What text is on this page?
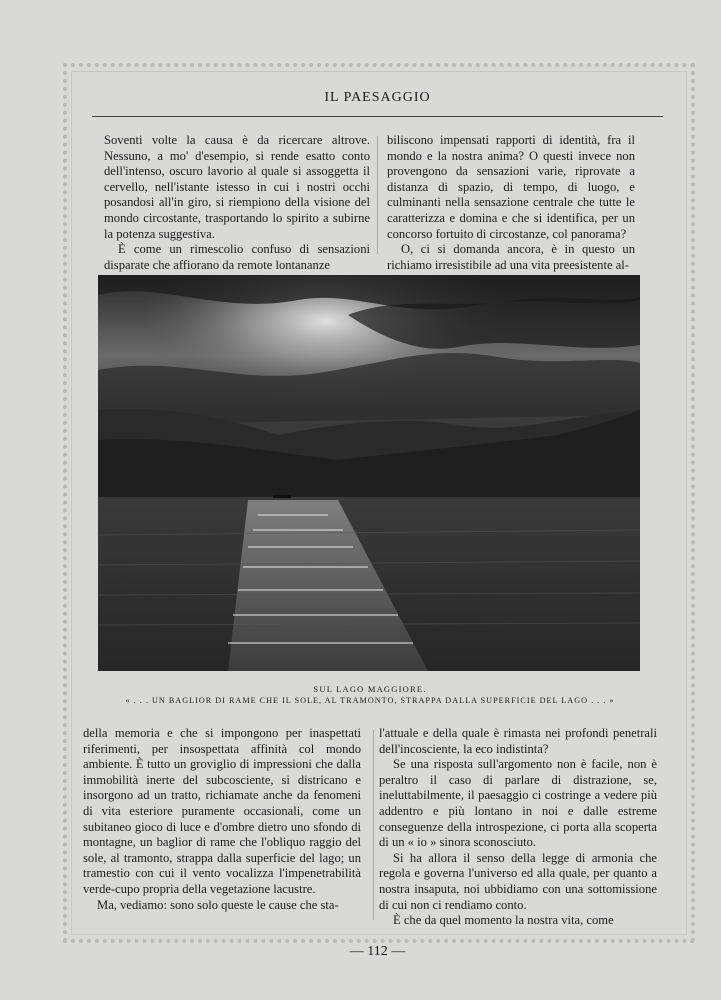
IL PAESAGGIO

Soventi volte la causa è da ricercare altrove. Nessuno, a mo' d'esempio, si rende esatto conto dell'intenso, oscuro lavorio al quale si assoggetta il cervello, nell'istante istesso in cui i nostri occhi posandosi all'in giro, si riempiono della visione del mondo circostante, trasportando lo spirito a subirne la potenza suggestiva.

È come un rimescolio confuso di sensazioni disparate che affiorano da remote lontananze

biliscono impensati rapporti di identità, fra il mondo e la nostra anima? O questi invece non provengono da sensazioni varie, riprovate a distanza di spazio, di tempo, di luogo, e culminanti nella sensazione centrale che tutte le caratterizza e domina e che si identifica, per un concorso fortuito di circostanze, col panorama?

O, ci si domanda ancora, è in questo un richiamo irresistibile ad una vita preesistente al-

SUL LAGO MAGGIORE.
« . . . UN BAGLIOR DI RAME CHE IL SOLE, AL TRAMONTO, STRAPPA DALLA SUPERFICIE DEL LAGO . . . »

della memoria e che si impongono per inaspettati riferimenti, per insospettata affinità col mondo ambiente. È tutto un groviglio di impressioni che dalla immobilità inerte del subcosciente, si districano e insorgono ad un tratto, richiamate anche da fenomeni di vita esteriore puramente occasionali, come un subitaneo gioco di luce e d'ombre dietro uno sfondo di montagne, un baglior di rame che l'obliquo raggio del sole, al tramonto, strappa dalla superficie del lago; un tramestio con cui il vento vocalizza l'impenetrabilità verde-cupo propria della vegetazione lacustre.

Ma, vediamo: sono solo queste le cause che sta-

l'attuale e della quale è rimasta nei profondi penetrali dell'incosciente, la eco indistinta?

Se una risposta sull'argomento non è facile, non è peraltro il caso di parlare di distrazione, se, ineluttabilmente, il paesaggio ci costringe a vedere più addentro e più lontano in noi e dalle estreme conseguenze della introspezione, ci porta alla scoperta di un « io » sinora sconosciuto.

Si ha allora il senso della legge di armonia che regola e governa l'universo ed alla quale, per quanto a nostra insaputa, noi ubbidiamo con una sottomissione di cui non ci rendiamo conto.

È che da quel momento la nostra vita, come

— 112 —
